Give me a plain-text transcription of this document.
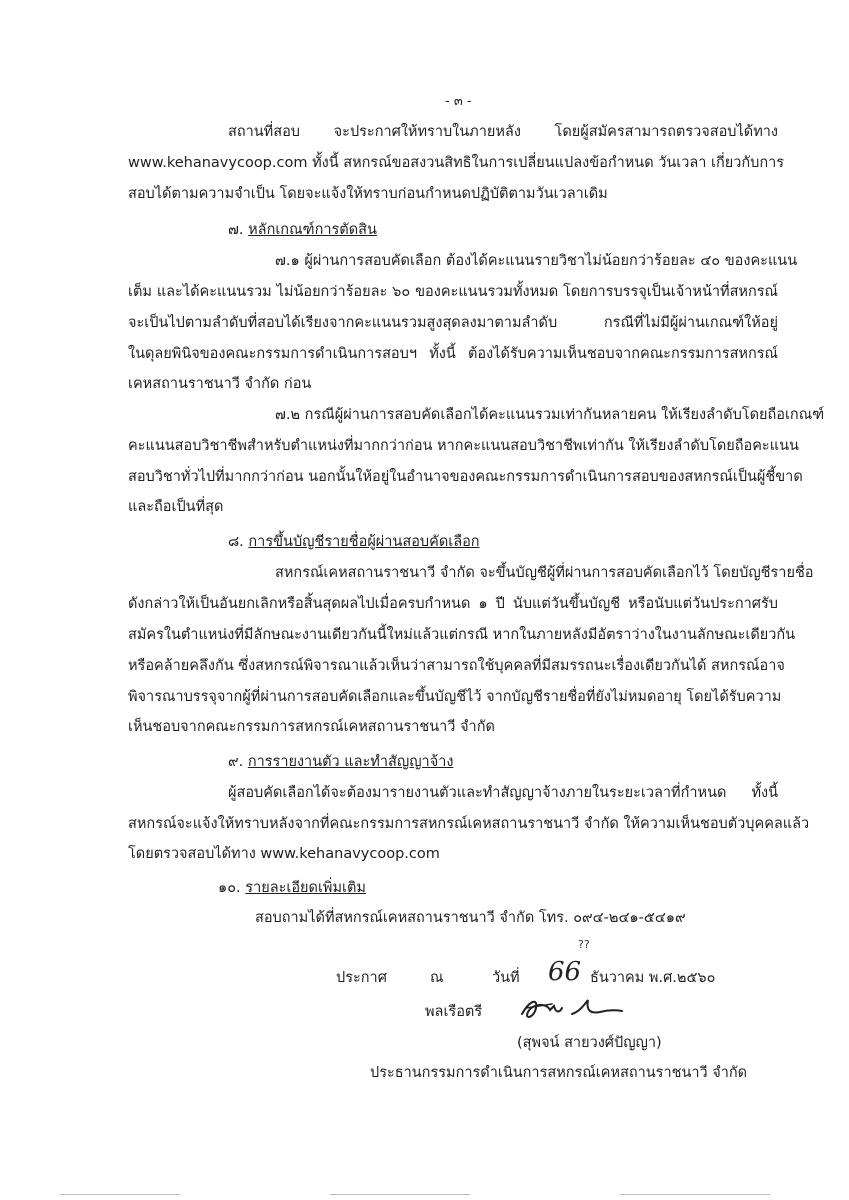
- ๓ -
สถานที่สอบ จะประกาศให้ทราบในภายหลัง โดยผู้สมัครสามารถตรวจสอบได้ทาง
www.kehanavycoop.com ทั้งนี้ สหกรณ์ขอสงวนสิทธิในการเปลี่ยนแปลงข้อกำหนด วันเวลา เกี่ยวกับการ
สอบได้ตามความจำเป็น โดยจะแจ้งให้ทราบก่อนกำหนดปฏิบัติตามวันเวลาเดิม
๗. หลักเกณฑ์การตัดสิน
๗.๑ ผู้ผ่านการสอบคัดเลือก ต้องได้คะแนนรายวิชาไม่น้อยกว่าร้อยละ ๔๐ ของคะแนน
เต็ม และได้คะแนนรวม ไม่น้อยกว่าร้อยละ ๖๐ ของคะแนนรวมทั้งหมด โดยการบรรจุเป็นเจ้าหน้าที่สหกรณ์
จะเป็นไปตามลำดับที่สอบได้เรียงจากคะแนนรวมสูงสุดลงมาตามลำดับ กรณีที่ไม่มีผู้ผ่านเกณฑ์ให้อยู่
ในดุลยพินิจของคณะกรรมการดำเนินการสอบฯ ทั้งนี้ ต้องได้รับความเห็นชอบจากคณะกรรมการสหกรณ์
เคหสถานราชนาวี จำกัด ก่อน
๗.๒ กรณีผู้ผ่านการสอบคัดเลือกได้คะแนนรวมเท่ากันหลายคน ให้เรียงลำดับโดยถือเกณฑ์
คะแนนสอบวิชาชีพสำหรับตำแหน่งที่มากกว่าก่อน หากคะแนนสอบวิชาชีพเท่ากัน ให้เรียงลำดับโดยถือคะแนน
สอบวิชาทั่วไปที่มากกว่าก่อน นอกนั้นให้อยู่ในอำนาจของคณะกรรมการดำเนินการสอบของสหกรณ์เป็นผู้ชี้ขาด
และถือเป็นที่สุด
๘. การขึ้นบัญชีรายชื่อผู้ผ่านสอบคัดเลือก
สหกรณ์เคหสถานราชนาวี จำกัด จะขึ้นบัญชีผู้ที่ผ่านการสอบคัดเลือกไว้ โดยบัญชีรายชื่อ
ดังกล่าวให้เป็นอันยกเลิกหรือสิ้นสุดผลไปเมื่อครบกำหนด ๑ ปี นับแต่วันขึ้นบัญชี หรือนับแต่วันประกาศรับ
สมัครในตำแหน่งที่มีลักษณะงานเดียวกันนี้ใหม่แล้วแต่กรณี หากในภายหลังมีอัตราว่างในงานลักษณะเดียวกัน
หรือคล้ายคลึงกัน ซึ่งสหกรณ์พิจารณาแล้วเห็นว่าสามารถใช้บุคคลที่มีสมรรถนะเรื่องเดียวกันได้ สหกรณ์อาจ
พิจารณาบรรจุจากผู้ที่ผ่านการสอบคัดเลือกและขึ้นบัญชีไว้ จากบัญชีรายชื่อที่ยังไม่หมดอายุ โดยได้รับความ
เห็นชอบจากคณะกรรมการสหกรณ์เคหสถานราชนาวี จำกัด
๙. การรายงานตัว และทำสัญญาจ้าง
ผู้สอบคัดเลือกได้จะต้องมารายงานตัวและทำสัญญาจ้างภายในระยะเวลาที่กำหนด ทั้งนี้
สหกรณ์จะแจ้งให้ทราบหลังจากที่คณะกรรมการสหกรณ์เคหสถานราชนาวี จำกัด ให้ความเห็นชอบตัวบุคคลแล้ว
โดยตรวจสอบได้ทาง www.kehanavycoop.com
๑๐. รายละเอียดเพิ่มเติม
สอบถามได้ที่สหกรณ์เคหสถานราชนาวี จำกัด โทร. ๐๙๔-๒๔๑-๕๔๑๙
ประกาศ	ณ	วันที่
??
66 ธันวาคม พ.ศ.๒๕๖๐
พลเรือตรี
(สุพจน์ สายวงศ์ปัญญา)
ประธานกรรมการดำเนินการสหกรณ์เคหสถานราชนาวี จำกัด
